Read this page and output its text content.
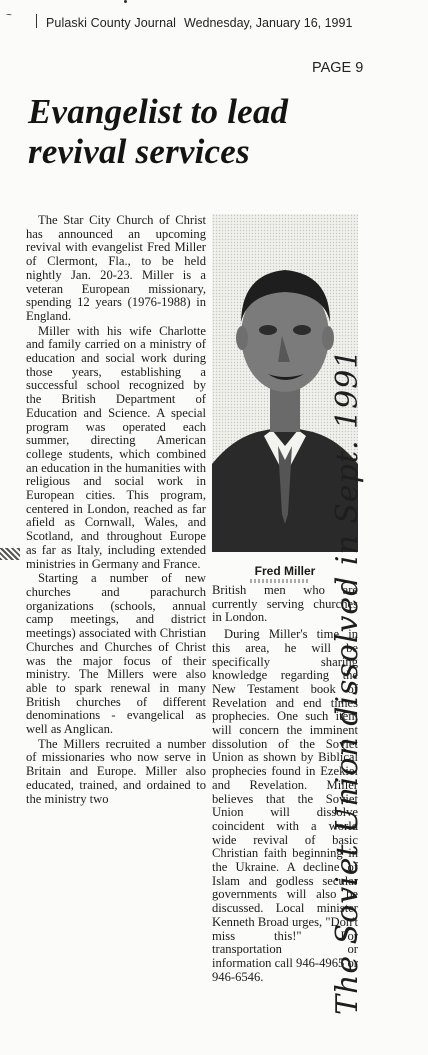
~
Pulaski County Journal Wednesday, January 16, 1991
PAGE 9
Evangelist to lead
revival services

The Star City Church of Christ has announced an upcoming revival with evangelist Fred Miller of Clermont, Fla., to be held nightly Jan. 20-23. Miller is a veteran European missionary, spending 12 years (1976-1988) in England.

Miller with his wife Charlotte and family carried on a ministry of education and social work during those years, establishing a successful school recognized by the British Department of Education and Science. A special program was operated each summer, directing American college students, which combined an education in the humanities with religious and social work in European cities. This program, centered in London, reached as far afield as Cornwall, Wales, and Scotland, and throughout Europe as far as Italy, including extended ministries in Germany and France.

Starting a number of new churches and parachurch organizations (schools, annual camp meetings, and district meetings) associated with Christian Churches and Churches of Christ was the major focus of their ministry. The Millers were also able to spark renewal in many British churches of different denominations - evangelical as well as Anglican.

The Millers recruited a number of missionaries who now serve in Britain and Europe. Miller also educated, trained, and ordained to the ministry two

Fred Miller

British men who are currently serving churches in London.

During Miller's time in this area, he will be specifically sharing knowledge regarding the New Testament book of Revelation and end times prophecies. One such item will concern the imminent dissolution of the Soviet Union as shown by Biblical prophecies found in Ezekiel and Revelation. Miller believes that the Soviet Union will dissolve coincident with a world wide revival of basic Christian faith beginning in the Ukraine. A decline of Islam and godless secular governments will also be discussed. Local minister Kenneth Broad urges, "Don't miss this!" For transportation or information call 946-4965 or 946-6546.	The Soviet Union dissolved in Sept. 1991
